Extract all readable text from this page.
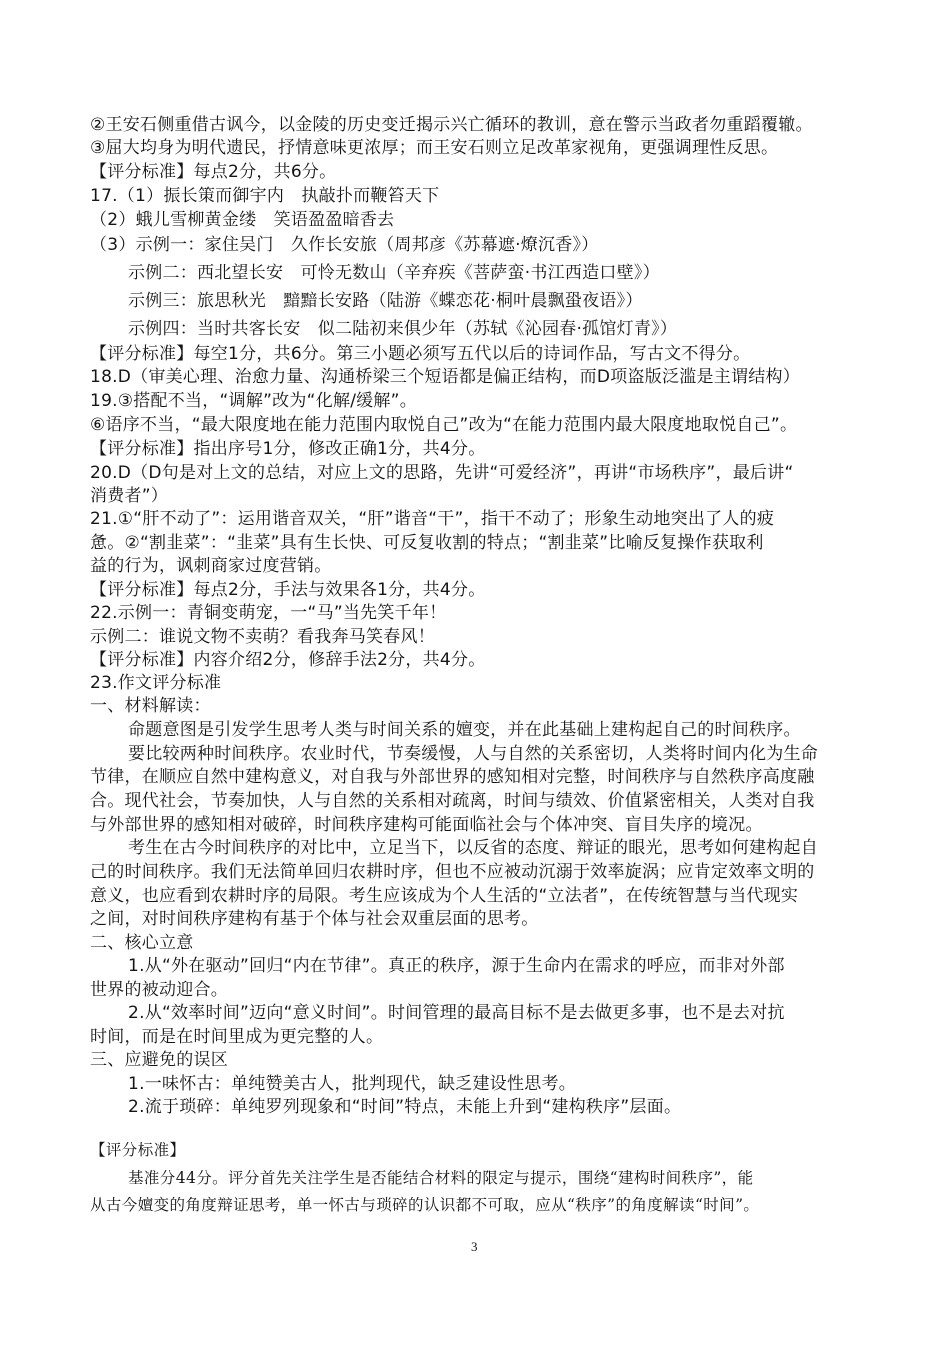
②王安石侧重借古讽今，以金陵的历史变迁揭示兴亡循环的教训，意在警示当政者勿重蹈覆辙。
③屈大均身为明代遗民，抒情意味更浓厚；而王安石则立足改革家视角，更强调理性反思。
【评分标准】每点2分，共6分。
17.（1）振长策而御宇内　执敲扑而鞭笞天下
（2）蛾儿雪柳黄金缕　笑语盈盈暗香去
（3）示例一：家住吴门　久作长安旅（周邦彦《苏幕遮·燎沉香》）
示例二：西北望长安　可怜无数山（辛弃疾《菩萨蛮·书江西造口壁》）
示例三：旅思秋光　黯黯长安路（陆游《蝶恋花·桐叶晨飘蛩夜语》）
示例四：当时共客长安　似二陆初来俱少年（苏轼《沁园春·孤馆灯青》）
【评分标准】每空1分，共6分。第三小题必须写五代以后的诗词作品，写古文不得分。
18.D（审美心理、治愈力量、沟通桥梁三个短语都是偏正结构，而D项盗版泛滥是主谓结构）
19.③搭配不当，“调解”改为“化解/缓解”。
⑥语序不当，“最大限度地在能力范围内取悦自己”改为“在能力范围内最大限度地取悦自己”。
【评分标准】指出序号1分，修改正确1分，共4分。
20.D（D句是对上文的总结，对应上文的思路，先讲“可爱经济”，再讲“市场秩序”，最后讲“
消费者”）
21.①“肝不动了”：运用谐音双关，“肝”谐音“干”，指干不动了；形象生动地突出了人的疲
惫。②“割韭菜”：“韭菜”具有生长快、可反复收割的特点；“割韭菜”比喻反复操作获取利
益的行为，讽刺商家过度营销。
【评分标准】每点2分，手法与效果各1分，共4分。
22.示例一：青铜变萌宠，一“马”当先笑千年！
示例二：谁说文物不卖萌？看我奔马笑春风！
【评分标准】内容介绍2分，修辞手法2分，共4分。
23.作文评分标准
一、材料解读：
命题意图是引发学生思考人类与时间关系的嬗变，并在此基础上建构起自己的时间秩序。
要比较两种时间秩序。农业时代，节奏缓慢，人与自然的关系密切，人类将时间内化为生命
节律，在顺应自然中建构意义，对自我与外部世界的感知相对完整，时间秩序与自然秩序高度融
合。现代社会，节奏加快，人与自然的关系相对疏离，时间与绩效、价值紧密相关，人类对自我
与外部世界的感知相对破碎，时间秩序建构可能面临社会与个体冲突、盲目失序的境况。
考生在古今时间秩序的对比中，立足当下，以反省的态度、辩证的眼光，思考如何建构起自
己的时间秩序。我们无法简单回归农耕时序，但也不应被动沉溺于效率旋涡；应肯定效率文明的
意义，也应看到农耕时序的局限。考生应该成为个人生活的“立法者”，在传统智慧与当代现实
之间，对时间秩序建构有基于个体与社会双重层面的思考。
二、核心立意
1.从“外在驱动”回归“内在节律”。真正的秩序，源于生命内在需求的呼应，而非对外部
世界的被动迎合。
2.从“效率时间”迈向“意义时间”。时间管理的最高目标不是去做更多事，也不是去对抗
时间，而是在时间里成为更完整的人。
三、应避免的误区
1.一味怀古：单纯赞美古人，批判现代，缺乏建设性思考。
2.流于琐碎：单纯罗列现象和“时间”特点，未能上升到“建构秩序”层面。
【评分标准】
基准分44分。评分首先关注学生是否能结合材料的限定与提示，围绕“建构时间秩序”，能
从古今嬗变的角度辩证思考，单一怀古与琐碎的认识都不可取，应从“秩序”的角度解读“时间”。
3
